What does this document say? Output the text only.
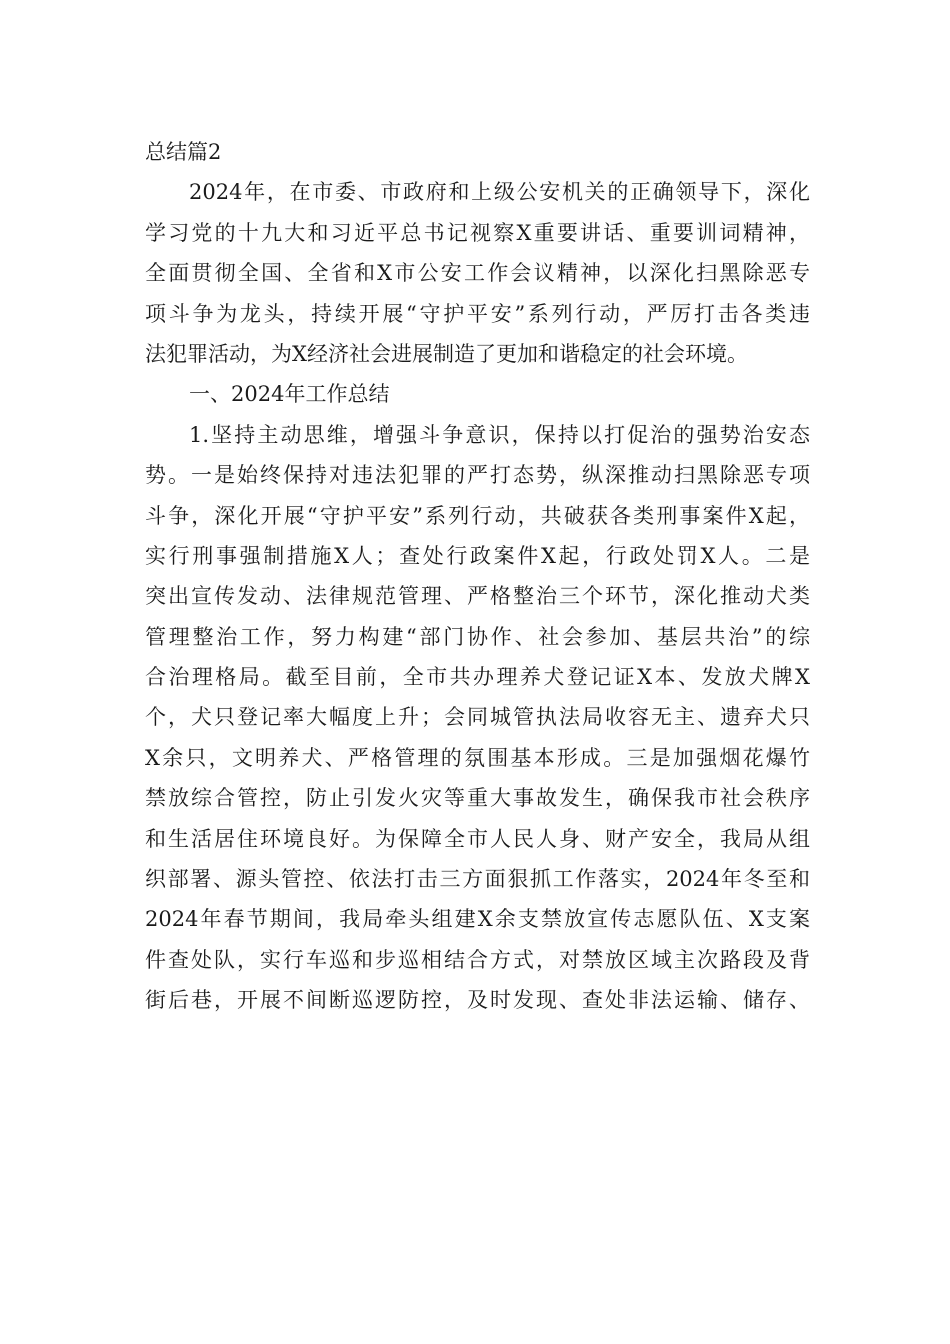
总结篇2
2024年，在市委、市政府和上级公安机关的正确领导下，深化
学习党的十九大和习近平总书记视察X重要讲话、重要训词精神，
全面贯彻全国、全省和X市公安工作会议精神，以深化扫黑除恶专
项斗争为龙头，持续开展“守护平安”系列行动，严厉打击各类违
法犯罪活动，为X经济社会进展制造了更加和谐稳定的社会环境。
一、2024年工作总结
1.坚持主动思维，增强斗争意识，保持以打促治的强势治安态
势。一是始终保持对违法犯罪的严打态势，纵深推动扫黑除恶专项
斗争，深化开展“守护平安”系列行动，共破获各类刑事案件X起，
实行刑事强制措施X人；查处行政案件X起，行政处罚X人。二是
突出宣传发动、法律规范管理、严格整治三个环节，深化推动犬类
管理整治工作，努力构建“部门协作、社会参加、基层共治”的综
合治理格局。截至目前，全市共办理养犬登记证X本、发放犬牌X
个，犬只登记率大幅度上升；会同城管执法局收容无主、遗弃犬只
X余只，文明养犬、严格管理的氛围基本形成。三是加强烟花爆竹
禁放综合管控，防止引发火灾等重大事故发生，确保我市社会秩序
和生活居住环境良好。为保障全市人民人身、财产安全，我局从组
织部署、源头管控、依法打击三方面狠抓工作落实，2024年冬至和
2024年春节期间，我局牵头组建X余支禁放宣传志愿队伍、X支案
件查处队，实行车巡和步巡相结合方式，对禁放区域主次路段及背
街后巷，开展不间断巡逻防控，及时发现、查处非法运输、储存、
